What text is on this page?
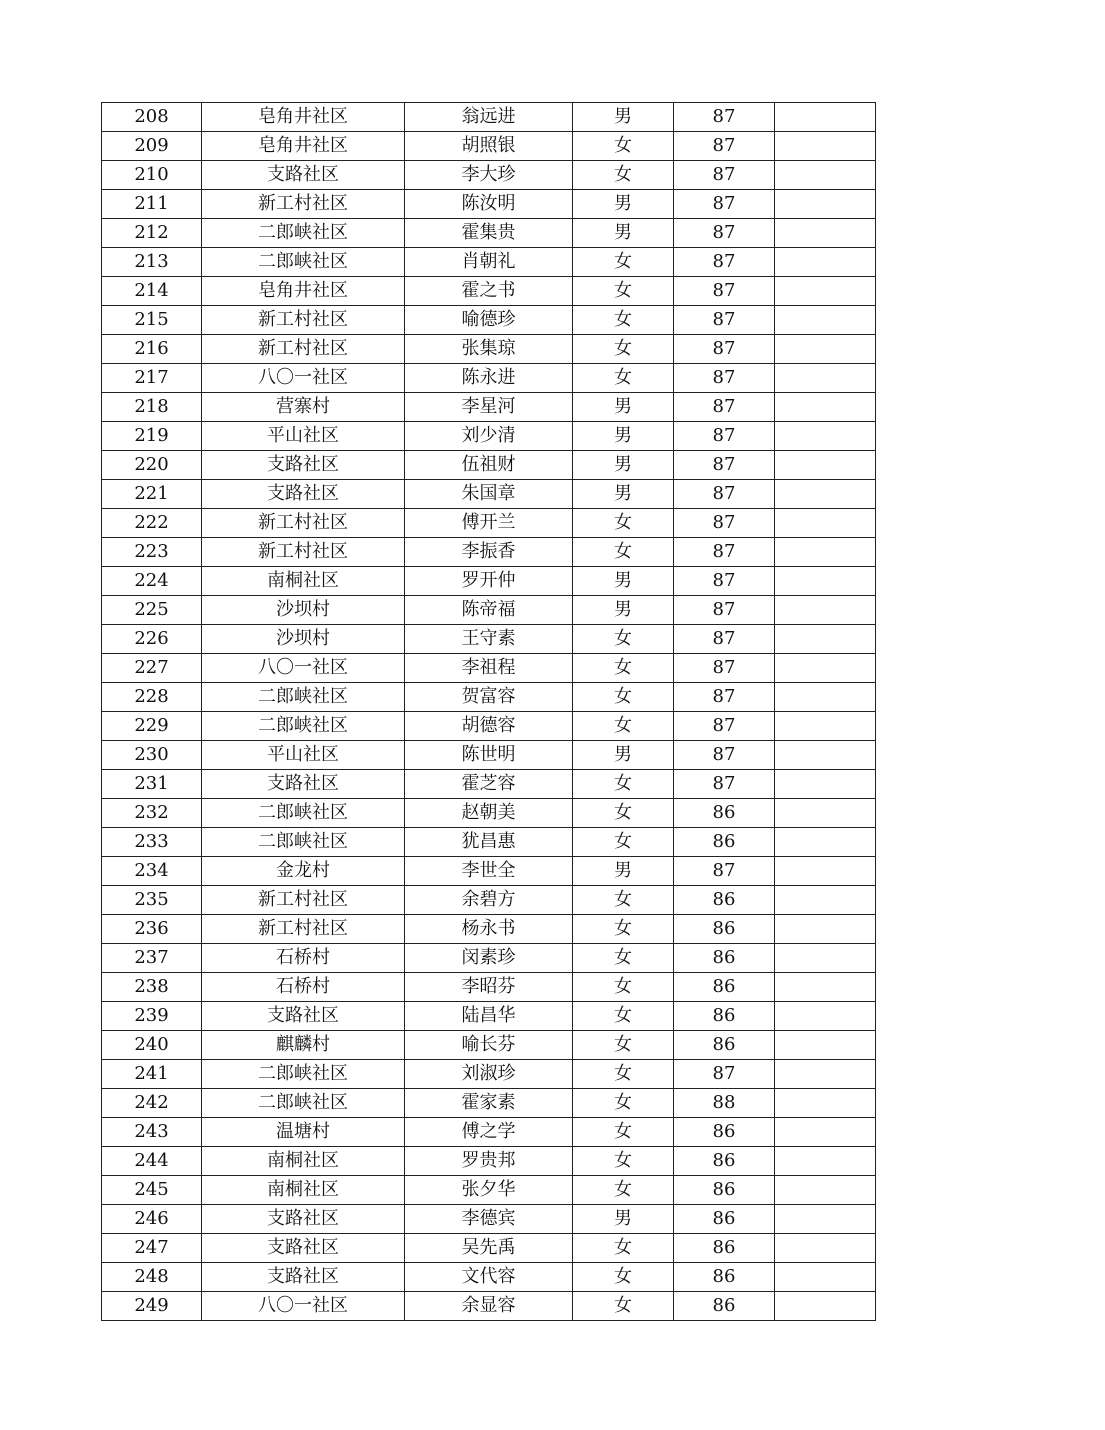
208	皂角井社区	翁远进	男	87	
209	皂角井社区	胡照银	女	87	
210	支路社区	李大珍	女	87	
211	新工村社区	陈汝明	男	87	
212	二郎峡社区	霍集贵	男	87	
213	二郎峡社区	肖朝礼	女	87	
214	皂角井社区	霍之书	女	87	
215	新工村社区	喻德珍	女	87	
216	新工村社区	张集琼	女	87	
217	八〇一社区	陈永进	女	87	
218	营寨村	李星河	男	87	
219	平山社区	刘少清	男	87	
220	支路社区	伍祖财	男	87	
221	支路社区	朱国章	男	87	
222	新工村社区	傅开兰	女	87	
223	新工村社区	李振香	女	87	
224	南桐社区	罗开仲	男	87	
225	沙坝村	陈帝福	男	87	
226	沙坝村	王守素	女	87	
227	八〇一社区	李祖程	女	87	
228	二郎峡社区	贺富容	女	87	
229	二郎峡社区	胡德容	女	87	
230	平山社区	陈世明	男	87	
231	支路社区	霍芝容	女	87	
232	二郎峡社区	赵朝美	女	86	
233	二郎峡社区	犹昌惠	女	86	
234	金龙村	李世全	男	87	
235	新工村社区	余碧方	女	86	
236	新工村社区	杨永书	女	86	
237	石桥村	闵素珍	女	86	
238	石桥村	李昭芬	女	86	
239	支路社区	陆昌华	女	86	
240	麒麟村	喻长芬	女	86	
241	二郎峡社区	刘淑珍	女	87	
242	二郎峡社区	霍家素	女	88	
243	温塘村	傅之学	女	86	
244	南桐社区	罗贵邦	女	86	
245	南桐社区	张夕华	女	86	
246	支路社区	李德宾	男	86	
247	支路社区	吴先禹	女	86	
248	支路社区	文代容	女	86	
249	八〇一社区	余显容	女	86	
